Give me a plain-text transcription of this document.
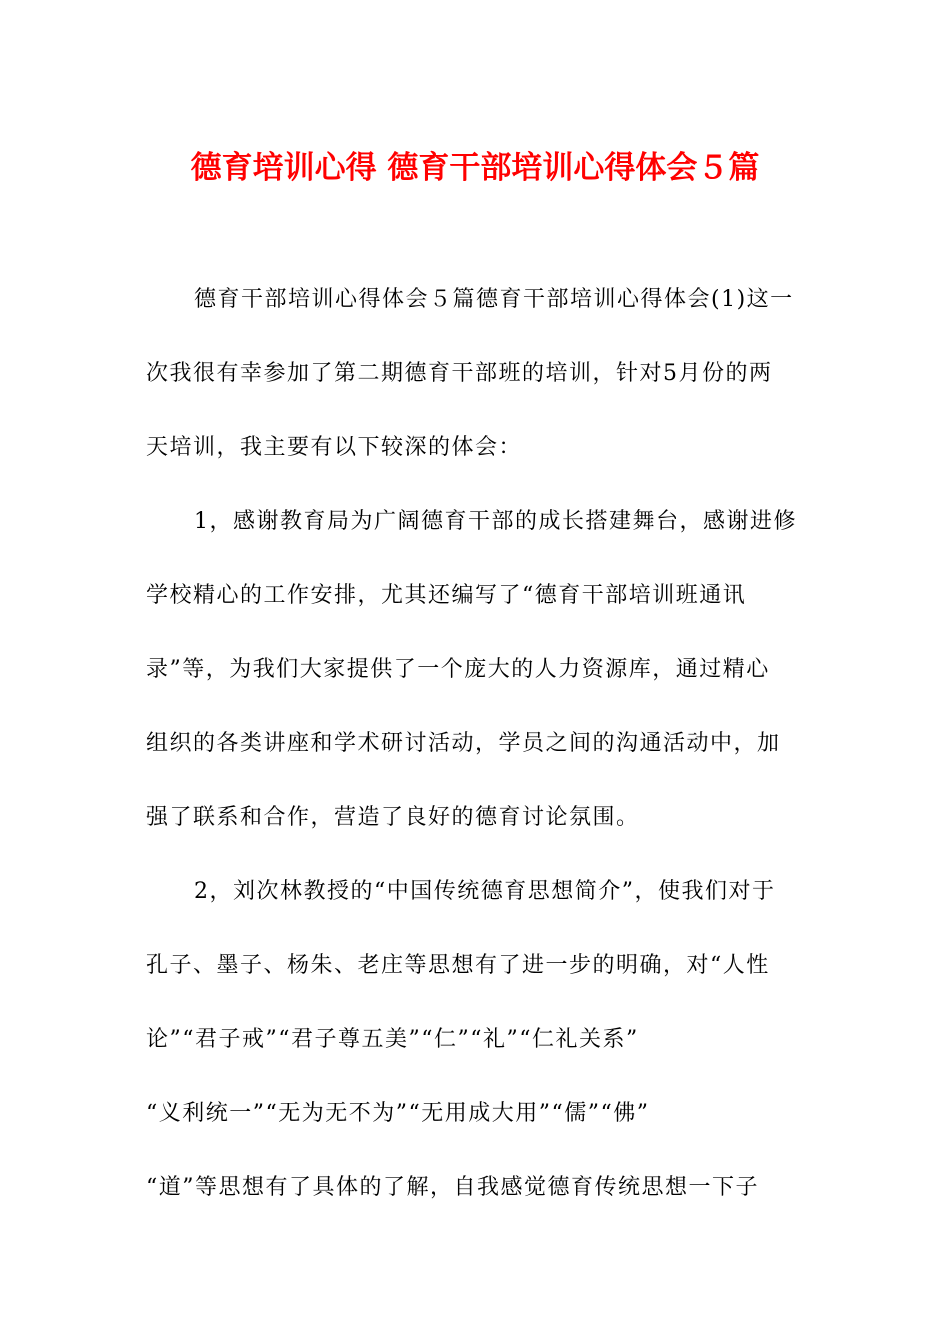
德育培训心得 德育干部培训心得体会５篇
德育干部培训心得体会５篇德育干部培训心得体会(1)这一
次我很有幸参加了第二期德育干部班的培训，针对5月份的两
天培训，我主要有以下较深的体会：
1，感谢教育局为广阔德育干部的成长搭建舞台，感谢进修
学校精心的工作安排，尤其还编写了“德育干部培训班通讯
录”等，为我们大家提供了一个庞大的人力资源库，通过精心
组织的各类讲座和学术研讨活动，学员之间的沟通活动中，加
强了联系和合作，营造了良好的德育讨论氛围。
2，刘次林教授的“中国传统德育思想简介”，使我们对于
孔子、墨子、杨朱、老庄等思想有了进一步的明确，对“人性
论”“君子戒”“君子尊五美”“仁”“礼”“仁礼关系”
“义利统一”“无为无不为”“无用成大用”“儒”“佛”
“道”等思想有了具体的了解，自我感觉德育传统思想一下子
